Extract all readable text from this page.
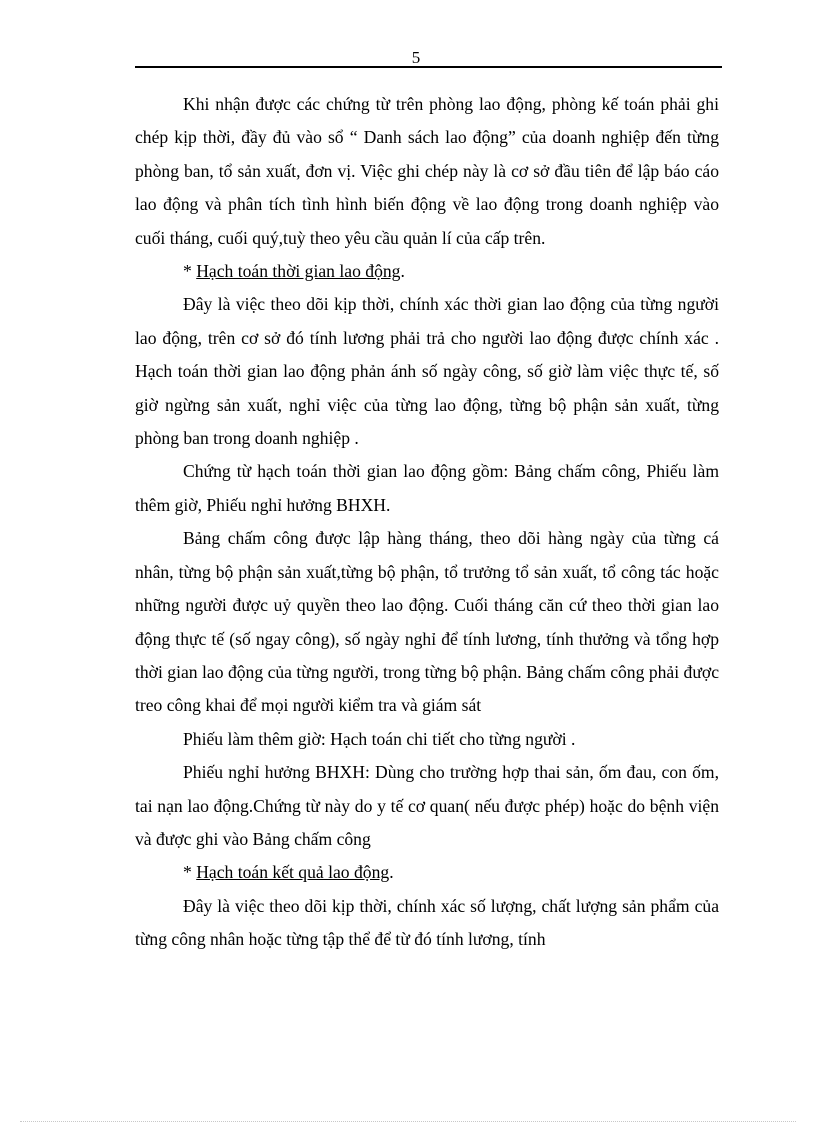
5

Khi nhận được các chứng từ trên phòng lao động, phòng kế toán phải ghi chép kịp thời, đầy đủ vào sổ “ Danh sách lao động” của doanh nghiệp đến từng phòng ban, tổ sản xuất, đơn vị. Việc ghi chép này là cơ sở đầu tiên để lập báo cáo lao động và phân tích tình hình biến động về lao động trong doanh nghiệp vào cuối tháng, cuối quý,tuỳ theo yêu cầu quản lí của cấp trên.

* Hạch toán thời gian lao động.

Đây là việc theo dõi kịp thời, chính xác thời gian lao động của từng người lao động, trên cơ sở đó tính lương phải trả cho người lao động được chính xác . Hạch toán thời gian lao động phản ánh số ngày công, số giờ làm việc thực tế, số giờ ngừng sản xuất, nghỉ việc của từng lao động, từng bộ phận sản xuất, từng phòng ban trong doanh nghiệp .

Chứng từ hạch toán thời gian lao động gồm: Bảng chấm công, Phiếu làm thêm giờ, Phiếu nghỉ hưởng BHXH.

Bảng chấm công được lập hàng tháng, theo dõi hàng ngày của từng cá nhân, từng bộ phận sản xuất,từng bộ phận, tổ trưởng tổ sản xuất, tổ công tác hoặc những người được uỷ quyền theo lao động. Cuối tháng căn cứ theo thời gian lao động thực tế (số ngay công), số ngày nghỉ để tính lương, tính thưởng và tổng hợp thời gian lao động của từng người, trong từng bộ phận. Bảng chấm công phải được treo công khai để mọi người kiểm tra và giám sát

Phiếu làm thêm giờ: Hạch toán chi tiết cho từng người .

Phiếu nghỉ hưởng BHXH: Dùng cho trường hợp thai sản, ốm đau, con ốm, tai nạn lao động.Chứng từ này do y tế cơ quan( nếu được phép) hoặc do bệnh viện và được ghi vào Bảng chấm công

* Hạch toán kết quả lao động.

Đây là việc theo dõi kịp thời, chính xác số lượng, chất lượng sản phẩm của từng công nhân hoặc từng tập thể để từ đó tính lương, tính
